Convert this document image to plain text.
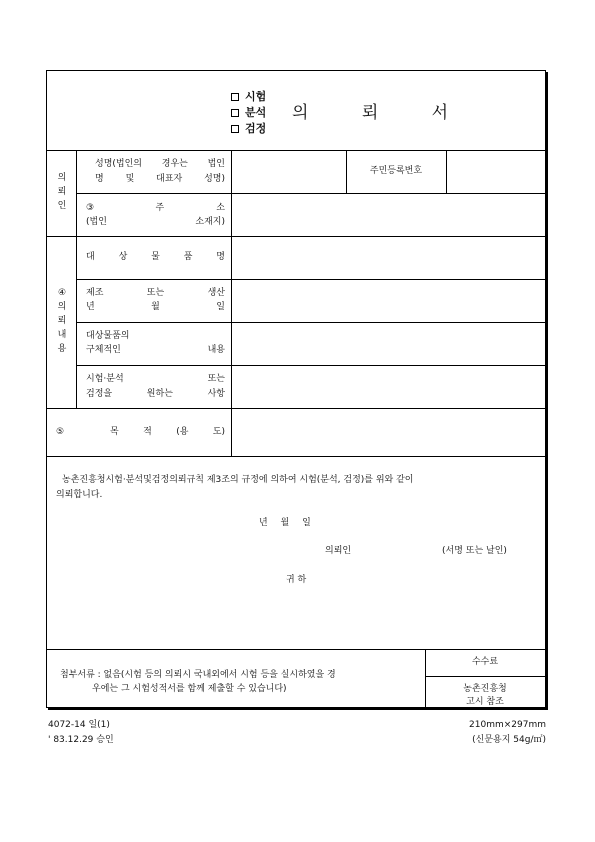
시험
분석
검정
의 뢰 서
의
뢰
인
성명(법인의 경우는 법인
명 및 대표자 성명)
주민등록번호
③ 주 소
(법인 소재지)
④
의
뢰
내
용
대 상 물 품 명
제조 또는 생산
년 월 일
대상물품의
구체적인 내용
시험·분석 또는
검정을 원하는 사항
⑤ 목 적 (용 도)
농촌진흥청시험·분석및검정의뢰규칙 제3조의 규정에 의하여 시험(분석, 검정)를 위와 같이
의뢰합니다.
년 월 일
의뢰인	(서명 또는 날인)
귀 하
첨부서류 : 없음(시험 등의 의뢰시 국내외에서 시험 등을 실시하였을 경
우에는 그 시험성적서를 함께 제출할 수 있습니다)
수수료
농촌진흥청
고시 참조
4072-14 일(1)
' 83.12.29 승인
210mm×297mm
(신문용지 54g/㎡)
